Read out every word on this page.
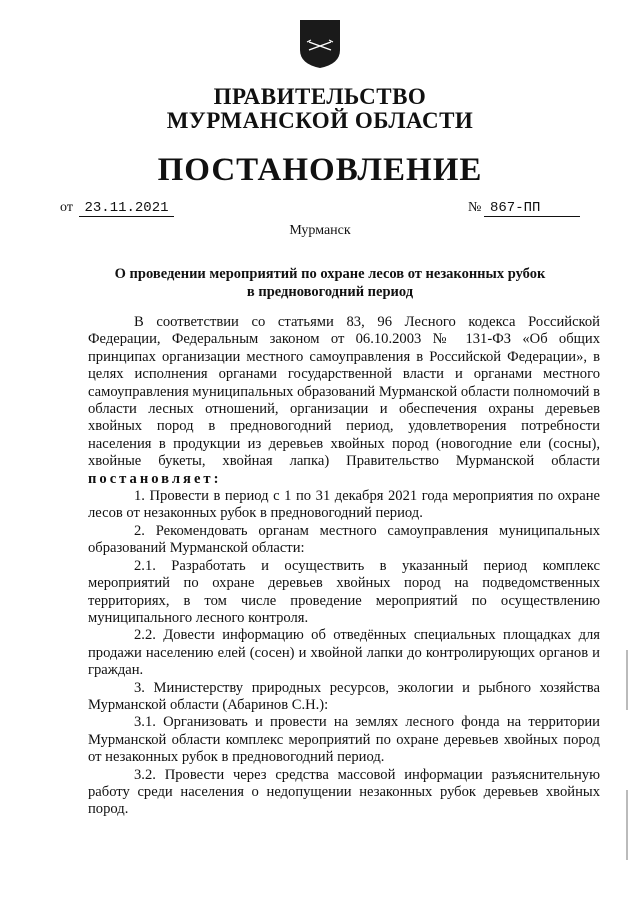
ПРАВИТЕЛЬСТВО
МУРМАНСКОЙ ОБЛАСТИ
ПОСТАНОВЛЕНИЕ
от 23.11.2021	№ 867-ПП
Мурманск
О проведении мероприятий по охране лесов от незаконных рубок
в предновогодний период

В соответствии со статьями 83, 96 Лесного кодекса Российской Федерации, Федеральным законом от 06.10.2003 № 131-ФЗ «Об общих принципах организации местного самоуправления в Российской Федерации», в целях исполнения органами государственной власти и органами местного самоуправления муниципальных образований Мурманской области полномочий в области лесных отношений, организации и обеспечения охраны деревьев хвойных пород в предновогодний период, удовлетворения потребности населения в продукции из деревьев хвойных пород (новогодние ели (сосны), хвойные букеты, хвойная лапка) Правительство Мурманской области постановляет:

1. Провести в период с 1 по 31 декабря 2021 года мероприятия по охране лесов от незаконных рубок в предновогодний период.

2. Рекомендовать органам местного самоуправления муниципальных образований Мурманской области:

2.1. Разработать и осуществить в указанный период комплекс мероприятий по охране деревьев хвойных пород на подведомственных территориях, в том числе проведение мероприятий по осуществлению муниципального лесного контроля.

2.2. Довести информацию об отведённых специальных площадках для продажи населению елей (сосен) и хвойной лапки до контролирующих органов и граждан.

3. Министерству природных ресурсов, экологии и рыбного хозяйства Мурманской области (Абаринов С.Н.):

3.1. Организовать и провести на землях лесного фонда на территории Мурманской области комплекс мероприятий по охране деревьев хвойных пород от незаконных рубок в предновогодний период.

3.2. Провести через средства массовой информации разъяснительную работу среди населения о недопущении незаконных рубок деревьев хвойных пород.
